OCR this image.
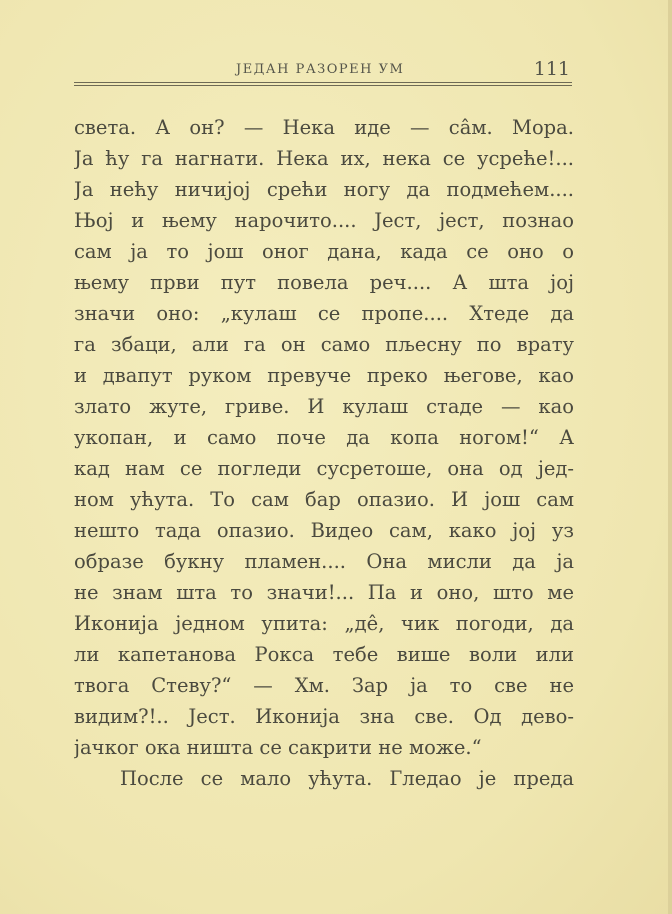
ЈЕДАН РАЗОРЕН УМ	111
света. А он? — Нека иде — са̂м. Мора.
Ја ћу га нагнати. Нека их, нека се усреће!...
Ја нећу ничијој срећи ногу да подмећем....
Њој и њему нарочито.... Јест, јест, познао
сам ја то још оног дана, када се оно о
њему први пут повела реч.... А шта јој
значи оно: „кулаш се пропе.... Хтеде да
га збаци, али га он само пљесну по врату
и двапут руком превуче преко његове, као
злато жуте, гриве. И кулаш стаде — као
укопан, и само поче да копа ногом!“ А
кад нам се погледи сусретоше, она од јед-
ном ућута. То сам бар опазио. И још сам
нешто тада опазио. Видео сам, како јој уз
образе букну пламен.... Она мисли да ја
не знам шта то значи!... Па и оно, што ме
Иконија једном упита: „де̂, чик погоди, да
ли капетанова Рокса тебе више воли или
твога Стеву?“ — Хм. Зар ја то све не
видим?!.. Јест. Иконија зна све. Од дево-
јачког ока ништа се сакрити не може.“
После се мало ућута. Гледао је преда
